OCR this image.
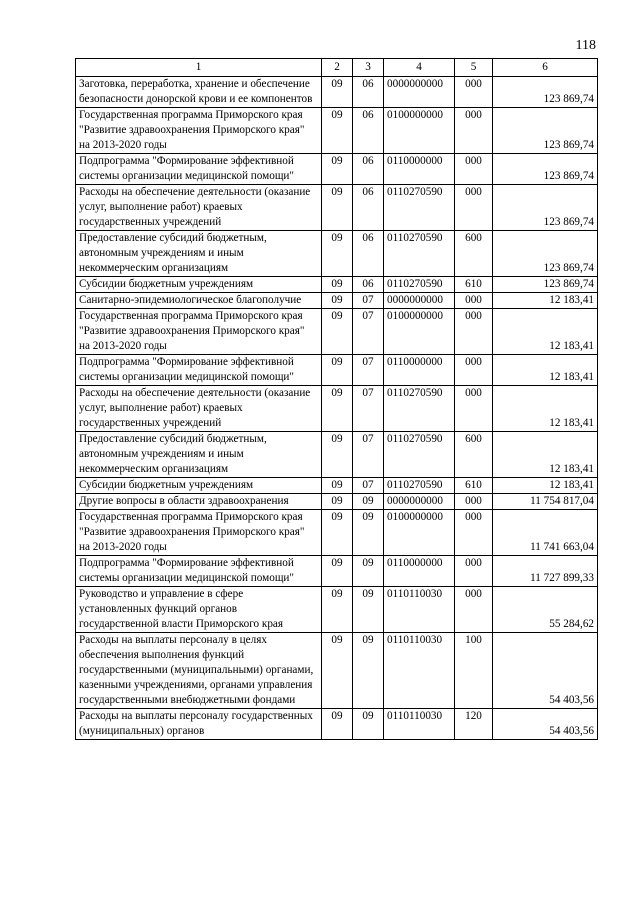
118
1	2	3	4	5	6
Заготовка, переработка, хранение и обеспечение безопасности донорской крови и ее компонентов	09	06	0000000000	000	123 869,74
Государственная программа Приморского края "Развитие здравоохранения Приморского края" на 2013-2020 годы	09	06	0100000000	000	123 869,74
Подпрограмма "Формирование эффективной системы организации медицинской помощи"	09	06	0110000000	000	123 869,74
Расходы на обеспечение деятельности (оказание услуг, выполнение работ) краевых государственных учреждений	09	06	0110270590	000	123 869,74
Предоставление субсидий бюджетным, автономным учреждениям и иным некоммерческим организациям	09	06	0110270590	600	123 869,74
Субсидии бюджетным учреждениям	09	06	0110270590	610	123 869,74
Санитарно-эпидемиологическое благополучие	09	07	0000000000	000	12 183,41
Государственная программа Приморского края "Развитие здравоохранения Приморского края" на 2013-2020 годы	09	07	0100000000	000	12 183,41
Подпрограмма "Формирование эффективной системы организации медицинской помощи"	09	07	0110000000	000	12 183,41
Расходы на обеспечение деятельности (оказание услуг, выполнение работ) краевых государственных учреждений	09	07	0110270590	000	12 183,41
Предоставление субсидий бюджетным, автономным учреждениям и иным некоммерческим организациям	09	07	0110270590	600	12 183,41
Субсидии бюджетным учреждениям	09	07	0110270590	610	12 183,41
Другие вопросы в области здравоохранения	09	09	0000000000	000	11 754 817,04
Государственная программа Приморского края "Развитие здравоохранения Приморского края" на 2013-2020 годы	09	09	0100000000	000	11 741 663,04
Подпрограмма "Формирование эффективной системы организации медицинской помощи"	09	09	0110000000	000	11 727 899,33
Руководство и управление в сфере установленных функций органов государственной власти Приморского края	09	09	0110110030	000	55 284,62
Расходы на выплаты персоналу в целях обеспечения выполнения функций государственными (муниципальными) органами, казенными учреждениями, органами управления государственными внебюджетными фондами	09	09	0110110030	100	54 403,56
Расходы на выплаты персоналу государственных (муниципальных) органов	09	09	0110110030	120	54 403,56
